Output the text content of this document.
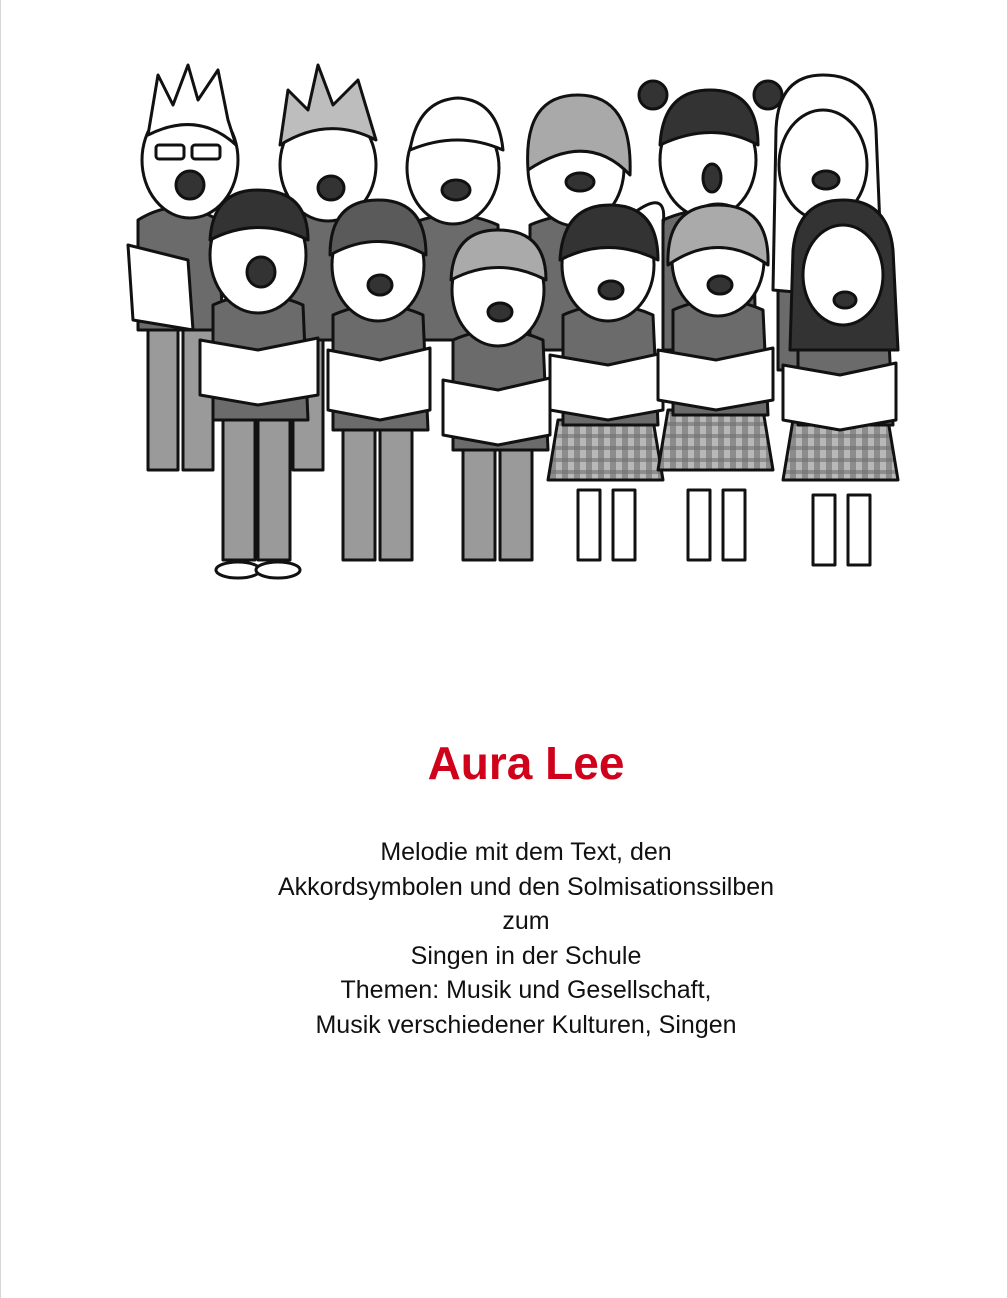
Aura Lee
Melodie mit dem Text, den
Akkordsymbolen und den Solmisationssilben
zum
Singen in der Schule
Themen: Musik und Gesellschaft,
Musik verschiedener Kulturen, Singen
